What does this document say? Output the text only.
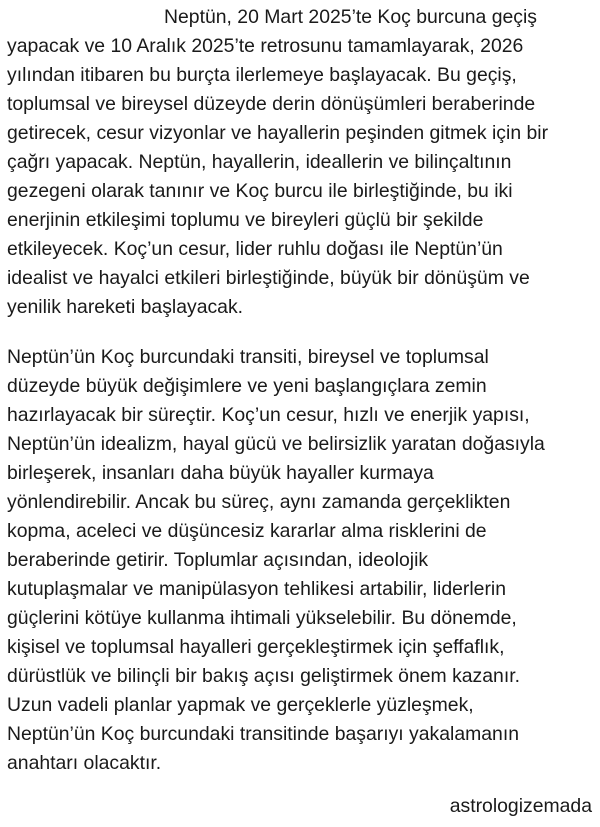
Neptün, 20 Mart 2025’te Koç burcuna geçiş
yapacak ve 10 Aralık 2025’te retrosunu tamamlayarak, 2026
yılından itibaren bu burçta ilerlemeye başlayacak. Bu geçiş,
toplumsal ve bireysel düzeyde derin dönüşümleri beraberinde
getirecek, cesur vizyonlar ve hayallerin peşinden gitmek için bir
çağrı yapacak. Neptün, hayallerin, ideallerin ve bilinçaltının
gezegeni olarak tanınır ve Koç burcu ile birleştiğinde, bu iki
enerjinin etkileşimi toplumu ve bireyleri güçlü bir şekilde
etkileyecek. Koç’un cesur, lider ruhlu doğası ile Neptün’ün
idealist ve hayalci etkileri birleştiğinde, büyük bir dönüşüm ve
yenilik hareketi başlayacak.
Neptün’ün Koç burcundaki transiti, bireysel ve toplumsal
düzeyde büyük değişimlere ve yeni başlangıçlara zemin
hazırlayacak bir süreçtir. Koç’un cesur, hızlı ve enerjik yapısı,
Neptün’ün idealizm, hayal gücü ve belirsizlik yaratan doğasıyla
birleşerek, insanları daha büyük hayaller kurmaya
yönlendirebilir. Ancak bu süreç, aynı zamanda gerçeklikten
kopma, aceleci ve düşüncesiz kararlar alma risklerini de
beraberinde getirir. Toplumlar açısından, ideolojik
kutuplaşmalar ve manipülasyon tehlikesi artabilir, liderlerin
güçlerini kötüye kullanma ihtimali yükselebilir. Bu dönemde,
kişisel ve toplumsal hayalleri gerçekleştirmek için şeffaflık,
dürüstlük ve bilinçli bir bakış açısı geliştirmek önem kazanır.
Uzun vadeli planlar yapmak ve gerçeklerle yüzleşmek,
Neptün’ün Koç burcundaki transitinde başarıyı yakalamanın
anahtarı olacaktır.

astrologizemada
